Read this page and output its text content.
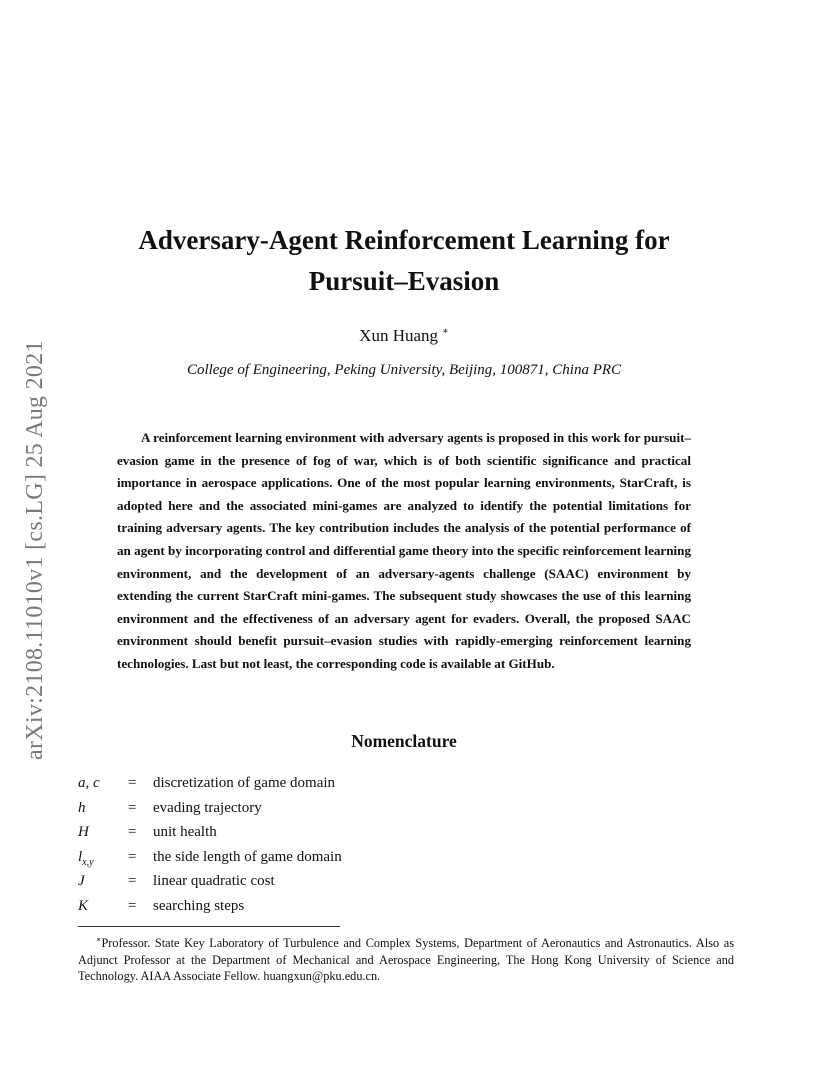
arXiv:2108.11010v1 [cs.LG] 25 Aug 2021
Adversary-Agent Reinforcement Learning for
Pursuit–Evasion
Xun Huang ∗
College of Engineering, Peking University, Beijing, 100871, China PRC

A reinforcement learning environment with adversary agents is proposed in this work for pursuit–evasion game in the presence of fog of war, which is of both scientific significance and practical importance in aerospace applications. One of the most popular learning environments, StarCraft, is adopted here and the associated mini-games are analyzed to identify the potential limitations for training adversary agents. The key contribution includes the analysis of the potential performance of an agent by incorporating control and differential game theory into the specific reinforcement learning environment, and the development of an adversary-agents challenge (SAAC) environment by extending the current StarCraft mini-games. The subsequent study showcases the use of this learning environment and the effectiveness of an adversary agent for evaders. Overall, the proposed SAAC environment should benefit pursuit–evasion studies with rapidly-emerging reinforcement learning technologies. Last but not least, the corresponding code is available at GitHub.

Nomenclature
a, c = discretization of game domain
h	= evading trajectory
H	= unit health
$l_{x,y}$ = the side length of game domain
J	= linear quadratic cost
K	= searching steps

∗Professor. State Key Laboratory of Turbulence and Complex Systems, Department of Aeronautics and Astronautics. Also as Adjunct Professor at the Department of Mechanical and Aerospace Engineering, The Hong Kong University of Science and Technology. AIAA Associate Fellow. huangxun@pku.edu.cn.
